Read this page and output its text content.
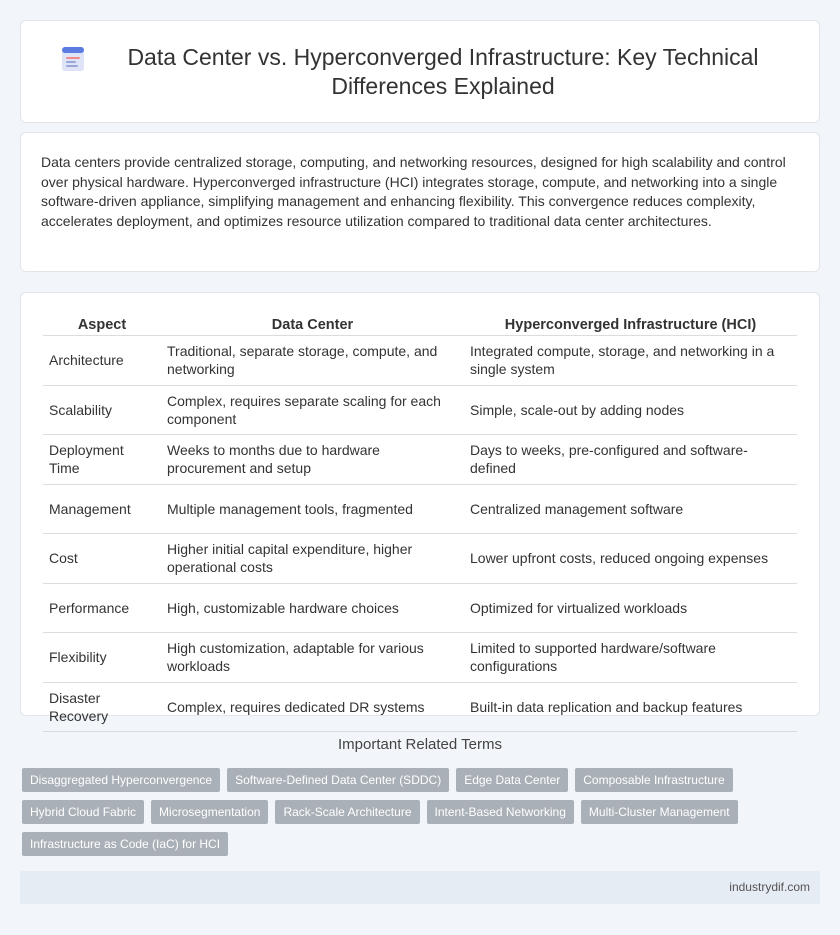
Data Center vs. Hyperconverged Infrastructure: Key Technical Differences Explained

Data centers provide centralized storage, computing, and networking resources, designed for high scalability and control over physical hardware. Hyperconverged infrastructure (HCI) integrates storage, compute, and networking into a single software-driven appliance, simplifying management and enhancing flexibility. This convergence reduces complexity, accelerates deployment, and optimizes resource utilization compared to traditional data center architectures.

Aspect	Data Center	Hyperconverged Infrastructure (HCI)
Architecture	Traditional, separate storage, compute, and networking	Integrated compute, storage, and networking in a single system
Scalability	Complex, requires separate scaling for each component	Simple, scale-out by adding nodes
Deployment Time	Weeks to months due to hardware procurement and setup	Days to weeks, pre-configured and software-defined
Management	Multiple management tools, fragmented	Centralized management software
Cost	Higher initial capital expenditure, higher operational costs	Lower upfront costs, reduced ongoing expenses
Performance	High, customizable hardware choices	Optimized for virtualized workloads
Flexibility	High customization, adaptable for various workloads	Limited to supported hardware/software configurations
Disaster Recovery	Complex, requires dedicated DR systems	Built-in data replication and backup features
Important Related Terms
Disaggregated Hyperconvergence	Software-Defined Data Center (SDDC)	Edge Data Center	Composable Infrastructure
Hybrid Cloud Fabric	Microsegmentation	Rack-Scale Architecture	Intent-Based Networking	Multi-Cluster Management
Infrastructure as Code (IaC) for HCI
industrydif.com
